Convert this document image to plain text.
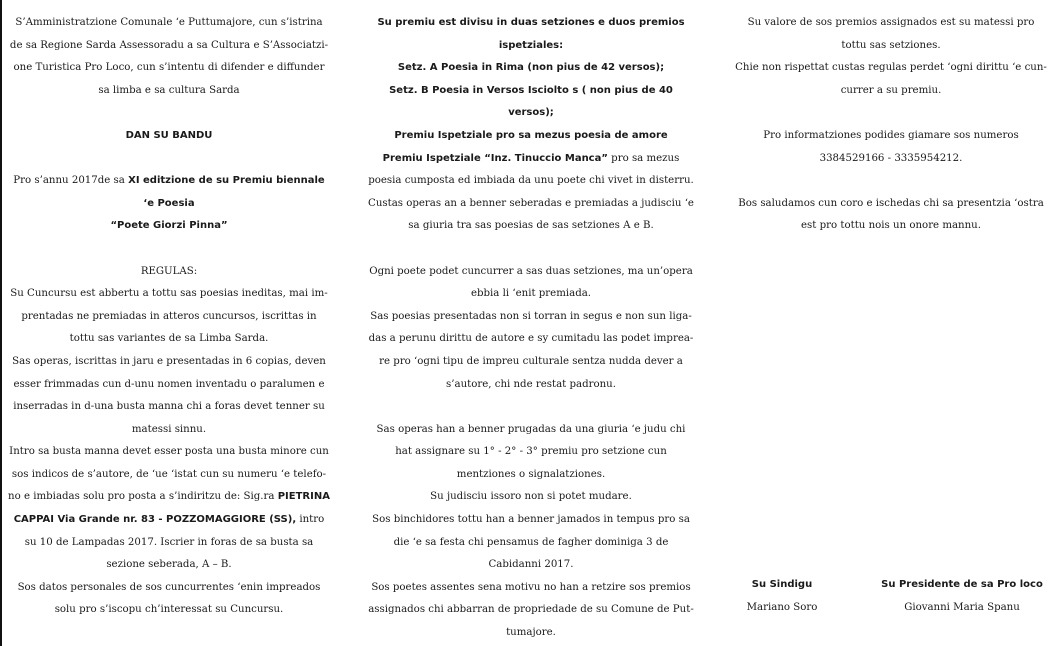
S’Amministratzione Comunale ‘e Puttumajore, cun s’istrina de sa Regione Sarda Assessoradu a sa Cultura e S’Associatzi-one Turistica Pro Loco, cun s’intentu di difender e diffunder sa limba e sa cultura Sarda

DAN SU BANDU

Pro s’annu 2017de sa XI editzione de su Premiu biennale ‘e Poesia

“Poete Giorzi Pinna”

REGULAS:

Su Cuncursu est abbertu a tottu sas poesias ineditas, mai im-prentadas ne premiadas in atteros cuncursos, iscrittas in tottu sas variantes de sa Limba Sarda.

Sas operas, iscrittas in jaru e presentadas in 6 copias, deven esser frimmadas cun d-unu nomen inventadu o paralumen e inserradas in d-una busta manna chi a foras devet tenner su matessi sinnu.

Intro sa busta manna devet esser posta una busta minore cun sos indicos de s’autore, de ‘ue ‘istat cun su numeru ‘e telefo-no e imbiadas solu pro posta a s’indiritzu de: Sig.ra PIETRINA CAPPAI Via Grande nr. 83 - POZZOMAGGIORE (SS), intro su 10 de Lampadas 2017. Iscrier in foras de sa busta sa sezione seberada, A – B.

Sos datos personales de sos cuncurrentes ‘enin impreados solu pro s’iscopu ch’interessat su Cuncursu.

Su premiu est divisu in duas setziones e duos premios ispetziales:

Setz. A Poesia in Rima (non pius de 42 versos);

Setz. B Poesia in Versos Isciolto s ( non pius de 40 versos);

Premiu Ispetziale pro sa mezus poesia de amore

Premiu Ispetziale “Inz. Tinuccio Manca” pro sa mezus poesia cumposta ed imbiada da unu poete chi vivet in disterru.

Custas operas an a benner seberadas e premiadas a judisciu ‘e sa giuria tra sas poesias de sas setziones A e B.

Ogni poete podet cuncurrer a sas duas setziones, ma un’opera ebbia li ‘enit premiada.

Sas poesias presentadas non si torran in segus e non sun liga-das a perunu dirittu de autore e sy cumitadu las podet imprea-re pro ‘ogni tipu de impreu culturale sentza nudda dever a s’autore, chi nde restat padronu.

Sas operas han a benner prugadas da una giuria ‘e judu chi hat assignare su 1° - 2° - 3° premiu pro setzione cun mentziones o signalatziones.

Su judisciu issoro non si potet mudare.

Sos binchidores tottu han a benner jamados in tempus pro sa die ‘e sa festa chi pensamus de fagher dominiga 3 de Cabidanni 2017.

Sos poetes assentes sena motivu no han a retzire sos premios assignados chi abbarran de propriedade de su Comune de Put-tumajore.

Su valore de sos premios assignados est su matessi pro tottu sas setziones.

Chie non rispettat custas regulas perdet ‘ogni dirittu ‘e cun-currer a su premiu.

Pro informatziones podides giamare sos numeros 3384529166 - 3335954212.

Bos saludamos cun coro e ischedas chi sa presentzia ‘ostra est pro tottu nois un onore mannu.

Su Sindigu
Mariano Soro
Su Presidente de sa Pro loco
Giovanni Maria Spanu
